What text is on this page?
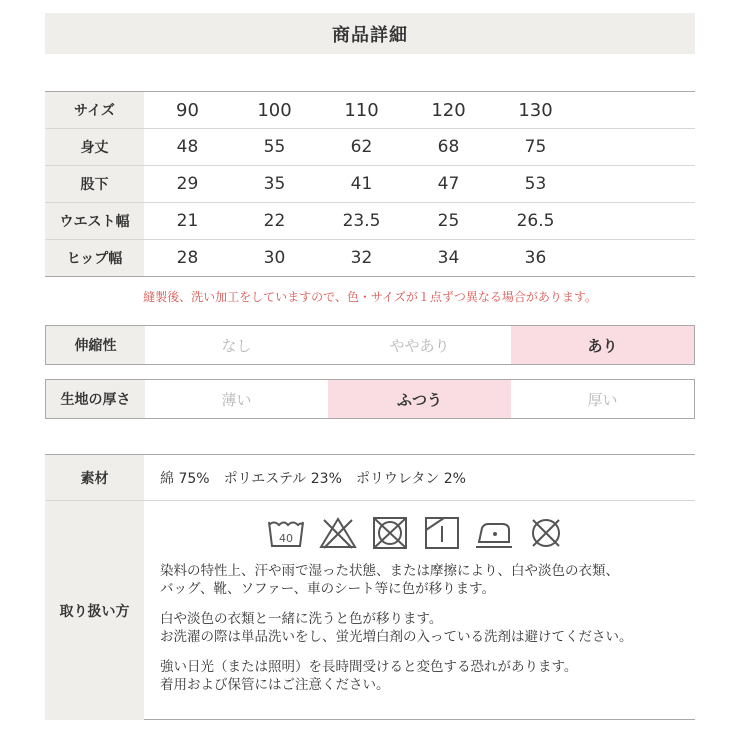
商品詳細
サイズ	90	100	110	120	130
身丈	48	55	62	68	75
股下	29	35	41	47	53
ウエスト幅	21	22	23.5	25	26.5
ヒップ幅	28	30	32	34	36
縫製後、洗い加工をしていますので、色・サイズが１点ずつ異なる場合があります。
伸縮性	なし	ややあり	あり
生地の厚さ	薄い	ふつう	厚い
素材	綿 75%　ポリエステル 23%　ポリウレタン 2%
取り扱い方
40
染料の特性上、汗や雨で湿った状態、または摩擦により、白や淡色の衣類、
バッグ、靴、ソファー、車のシート等に色が移ります。
白や淡色の衣類と一緒に洗うと色が移ります。
お洗濯の際は単品洗いをし、蛍光増白剤の入っている洗剤は避けてください。
強い日光（または照明）を長時間受けると変色する恐れがあります。
着用および保管にはご注意ください。
